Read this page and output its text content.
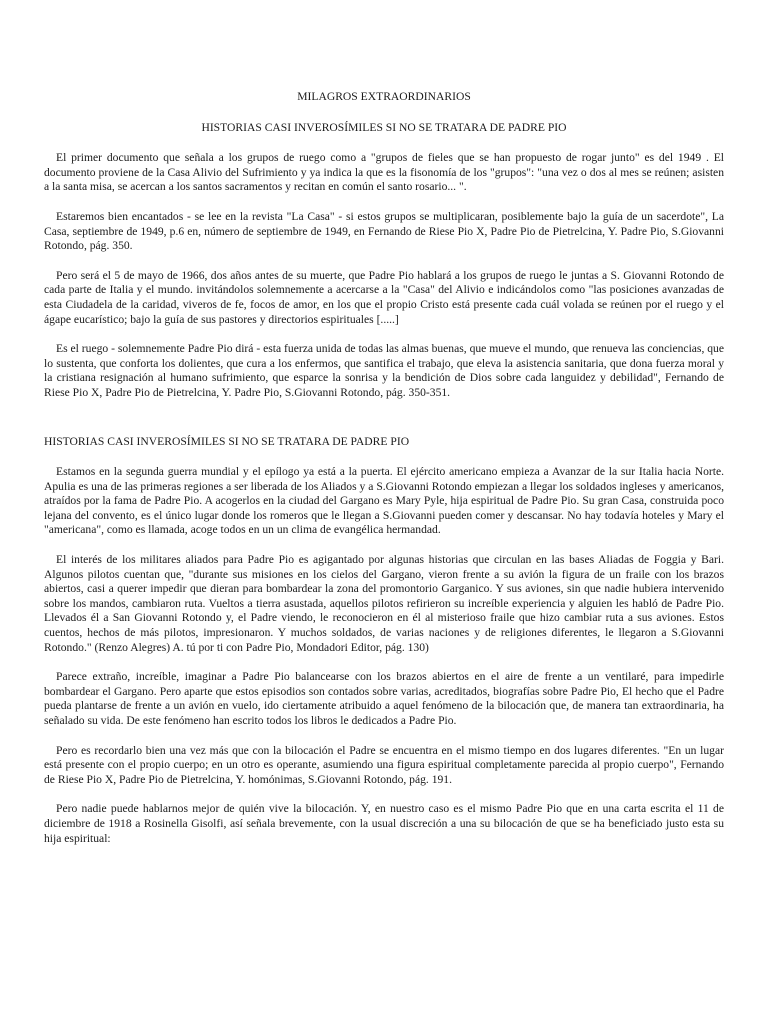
MILAGROS EXTRAORDINARIOS
HISTORIAS CASI INVEROSÍMILES SI NO SE TRATARA DE PADRE PIO

El primer documento que señala a los grupos de ruego como a "grupos de fieles que se han propuesto de rogar junto" es del 1949 . El documento proviene de la Casa Alivio del Sufrimiento y ya indica la que es la fisonomía de los "grupos": "una vez o dos al mes se reúnen; asisten a la santa misa, se acercan a los santos sacramentos y recitan en común el santo rosario... ".

Estaremos bien encantados - se lee en la revista "La Casa" - si estos grupos se multiplicaran, posiblemente bajo la guía de un sacerdote", La Casa, septiembre de 1949, p.6 en, número de septiembre de 1949, en Fernando de Riese Pio X, Padre Pio de Pietrelcina, Y. Padre Pio, S.Giovanni Rotondo, pág. 350.

Pero será el 5 de mayo de 1966, dos años antes de su muerte, que Padre Pio hablará a los grupos de ruego le juntas a S. Giovanni Rotondo de cada parte de Italia y el mundo. invitándolos solemnemente a acercarse a la "Casa" del Alivio e indicándolos como "las posiciones avanzadas de esta Ciudadela de la caridad, viveros de fe, focos de amor, en los que el propio Cristo está presente cada cuál volada se reúnen por el ruego y el ágape eucarístico; bajo la guía de sus pastores y directorios espirituales [.....]

Es el ruego - solemnemente Padre Pio dirá - esta fuerza unida de todas las almas buenas, que mueve el mundo, que renueva las conciencias, que lo sustenta, que conforta los dolientes, que cura a los enfermos, que santifica el trabajo, que eleva la asistencia sanitaria, que dona fuerza moral y la cristiana resignación al humano sufrimiento, que esparce la sonrisa y la bendición de Dios sobre cada languidez y debilidad", Fernando de Riese Pio X, Padre Pio de Pietrelcina, Y. Padre Pio, S.Giovanni Rotondo, pág. 350-351.

HISTORIAS CASI INVEROSÍMILES SI NO SE TRATARA DE PADRE PIO

Estamos en la segunda guerra mundial y el epílogo ya está a la puerta. El ejército americano empieza a Avanzar de la sur Italia hacia Norte. Apulia es una de las primeras regiones a ser liberada de los Aliados y a S.Giovanni Rotondo empiezan a llegar los soldados ingleses y americanos, atraídos por la fama de Padre Pio. A acogerlos en la ciudad del Gargano es Mary Pyle, hija espiritual de Padre Pio. Su gran Casa, construida poco lejana del convento, es el único lugar donde los romeros que le llegan a S.Giovanni pueden comer y descansar. No hay todavía hoteles y Mary el "americana", como es llamada, acoge todos en un un clima de evangélica hermandad.

El interés de los militares aliados para Padre Pio es agigantado por algunas historias que circulan en las bases Aliadas de Foggia y Bari. Algunos pilotos cuentan que, "durante sus misiones en los cielos del Gargano, vieron frente a su avión la figura de un fraile con los brazos abiertos, casi a querer impedir que dieran para bombardear la zona del promontorio Garganico. Y sus aviones, sin que nadie hubiera intervenido sobre los mandos, cambiaron ruta. Vueltos a tierra asustada, aquellos pilotos refirieron su increíble experiencia y alguien les habló de Padre Pio. Llevados él a San Giovanni Rotondo y, el Padre viendo, le reconocieron en él al misterioso fraile que hizo cambiar ruta a sus aviones. Estos cuentos, hechos de más pilotos, impresionaron. Y muchos soldados, de varias naciones y de religiones diferentes, le llegaron a S.Giovanni Rotondo." (Renzo Alegres) A. tú por ti con Padre Pio, Mondadori Editor, pág. 130)

Parece extraño, increíble, imaginar a Padre Pio balancearse con los brazos abiertos en el aire de frente a un ventilaré, para impedirle bombardear el Gargano. Pero aparte que estos episodios son contados sobre varias, acreditados, biografías sobre Padre Pio, El hecho que el Padre pueda plantarse de frente a un avión en vuelo, ido ciertamente atribuido a aquel fenómeno de la bilocación que, de manera tan extraordinaria, ha señalado su vida. De este fenómeno han escrito todos los libros le dedicados a Padre Pio.

Pero es recordarlo bien una vez más que con la bilocación el Padre se encuentra en el mismo tiempo en dos lugares diferentes. "En un lugar está presente con el propio cuerpo; en un otro es operante, asumiendo una figura espiritual completamente parecida al propio cuerpo", Fernando de Riese Pio X, Padre Pio de Pietrelcina, Y. homónimas, S.Giovanni Rotondo, pág. 191.

Pero nadie puede hablarnos mejor de quién vive la bilocación. Y, en nuestro caso es el mismo Padre Pio que en una carta escrita el 11 de diciembre de 1918 a Rosinella Gisolfi, así señala brevemente, con la usual discreción a una su bilocación de que se ha beneficiado justo esta su hija espiritual:
